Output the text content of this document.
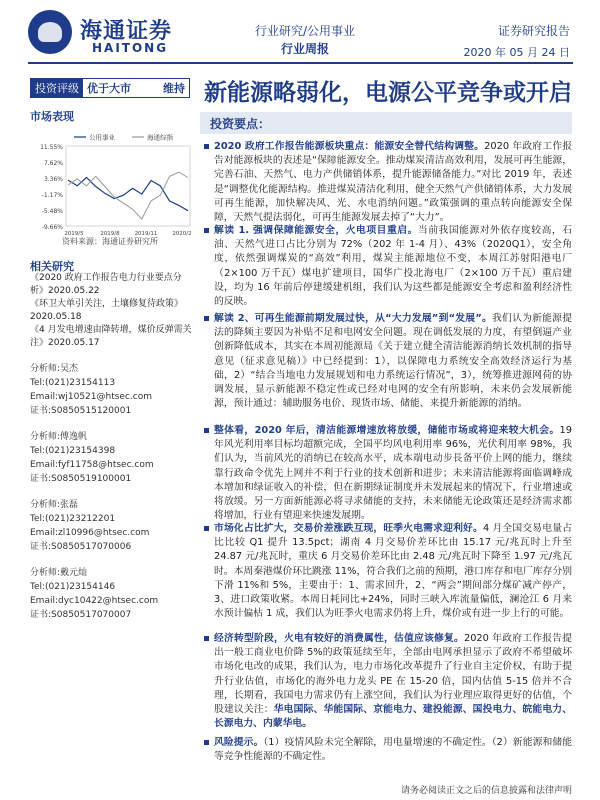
海通证券
HAITONG
行业研究/公用事业
行业周报
证券研究报告
2020 年 05 月 24 日
投资评级 优于大市	维持 新能源略弱化，电源公平竞争或开启
市场表现
11.55%
7.62%
3.36%
-1.17%
-5.48%
-9.66%
2019/5	2019/8	2019/11	2020/2
公用事业	海通综指
资料来源：海通证券研究所
相关研究
《2020 政府工作报告电力行业要点分析》2020.05.22
《环卫大单引关注，土壤修复待政策》2020.05.18
《4 月发电增速由降转增，煤价反弹需关注》2020.05.17
分析师:吴杰
Tel:(021)23154113
Email:wj10521@htsec.com
证书:S0850515120001
分析师:傅逸帆
Tel:(021)23154398
Email:fyf11758@htsec.com
证书:S0850519100001
分析师:张磊
Tel:(021)23212201
Email:zl10996@htsec.com
证书:S0850517070006
分析师:戴元灿
Tel:(021)23154146
Email:dyc10422@htsec.com
证书:S0850517070007
投资要点：
2020 政府工作报告能源板块重点：能源安全替代结构调整。2020 年政府工作报告对能源板块的表述是“保障能源安全。推动煤炭清洁高效利用，发展可再生能源，完善石油、天然气、电力产供储销体系，提升能源储备能力。”对比 2019 年，表述是“调整优化能源结构。推进煤炭清洁化利用，健全天然气产供储销体系，大力发展可再生能源，加快解决风、光、水电消纳问题。”政策强调的重点转向能源安全保障，天然气提法弱化，可再生能源发展去掉了“大力”。
解读 1. 强调保障能源安全，火电项目重启。当前我国能源对外依存度较高，石油、天然气进口占比分别为 72%（202 年 1-4 月）、43%（2020Q1），安全角度，依然强调煤炭的“高效”利用，煤炭主能源地位不变，本周江苏射阳港电厂（2×100 万千瓦）煤电扩建项目，国华广投北海电厂（2×100 万千瓦）重启建设，均为 16 年前后停建缓建机组，我们认为这些都是能源安全考虑和盈利经济性的反映。
解读 2、可再生能源前期发展过快，从“大力发展”到“发展”。我们认为新能源提法的降频主要因为补贴不足和电网安全问题。现在调低发展的力度，有望倒逼产业创新降低成本，其实在本周初能源局《关于建立健全清洁能源消纳长效机制的指导意见（征求意见稿）》中已经提到：1），以保障电力系统安全高效经济运行为基础，2）“结合当地电力发展规划和电力系统运行情况”，3），统筹推进源网荷的协调发展，显示新能源不稳定性或已经对电网的安全有所影响，未来仍会发展新能源，预计通过：辅助服务电价、现货市场、储能、来提升新能源的消纳。
整体看，2020 年后，清洁能源增速放将放缓，储能市场或将迎来较大机会。19 年风光利用率目标均超额完成，全国平均风电利用率 96%，光伏利用率 98%，我们认为，当前风光的消纳已在较高水平，成本端电动步長备平价上网的能力，继续靠行政命令优先上网并不利于行业的技术创新和进步；未来清洁能源将面临调峰成本增加和绿证收入的补偿，但在新期绿证制度并未发展起来的情况下，行业增速或将放缓。另一方面新能源必将寻求储能的支持，未来储能无论政策还是经济需求都将增加，行业有望迎来快速发展期。
市场化占比扩大，交易价差涨跌互现，旺季火电需求迎利好。4 月全国交易电量占比比较 Q1 提升 13.5pct；湖南 4 月交易价差环比由 15.17 元/兆瓦时上升至 24.87 元/兆瓦时，重庆 6 月交易价差环比由 2.48 元/兆瓦时下降至 1.97 元/兆瓦时。本周秦港煤价环比跳涨 11%，符合我们之前的预期，港口库存和电厂库存分别下滑 11%和 5%，主要由于：1、需求回升，2、“两会”期间部分煤矿减产停产，3、进口政策收紧。本周日耗同比+24%，同时三峡入库流量偏低，澜沧江 6 月来水预计偏枯 1 成，我们认为旺季火电需求仍将上升，煤价或有进一步上行的可能。
经济转型阶段，火电有较好的消费属性，估值应该修复。2020 年政府工作报告提出一般工商业电价降 5%的政策延续至年，全部由电网承担显示了政府不希望破坏市场化电改的成果，我们认为，电力市场化改革提升了行业自主定价权，有助于提升行业估值，市场化的海外电力龙头 PE 在 15-20 倍，国内估值 5-15 倍并不合理，长期看，我国电力需求仍有上涨空间，我们认为行业理应取得更好的估值，个股建议关注：华电国际、华能国际、京能电力、建投能源、国投电力、皖能电力、长源电力、内蒙华电。
风险提示。（1）疫情风险未完全解除，用电量增速的不确定性。（2）新能源和储能等竞争性能源的不确定性。
请务必阅读正文之后的信息披露和法律声明
